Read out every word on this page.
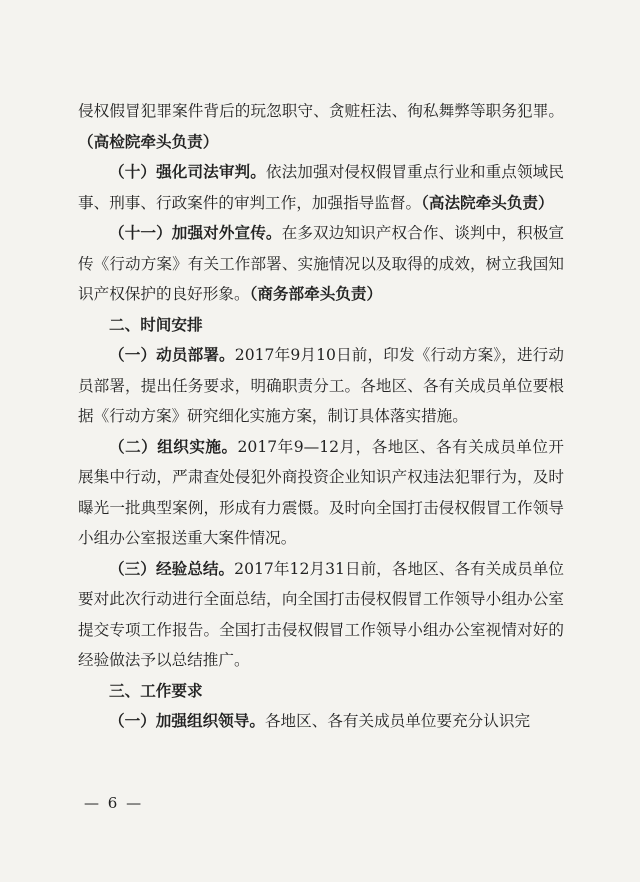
侵权假冒犯罪案件背后的玩忽职守、贪赃枉法、徇私舞弊等职务犯罪。（高检院牵头负责）

（十）强化司法审判。依法加强对侵权假冒重点行业和重点领域民事、刑事、行政案件的审判工作，加强指导监督。（高法院牵头负责）

（十一）加强对外宣传。在多双边知识产权合作、谈判中，积极宣传《行动方案》有关工作部署、实施情况以及取得的成效，树立我国知识产权保护的良好形象。（商务部牵头负责）

二、时间安排

（一）动员部署。2017年9月10日前，印发《行动方案》，进行动员部署，提出任务要求，明确职责分工。各地区、各有关成员单位要根据《行动方案》研究细化实施方案，制订具体落实措施。

（二）组织实施。2017年9—12月，各地区、各有关成员单位开展集中行动，严肃查处侵犯外商投资企业知识产权违法犯罪行为，及时曝光一批典型案例，形成有力震慑。及时向全国打击侵权假冒工作领导小组办公室报送重大案件情况。

（三）经验总结。2017年12月31日前，各地区、各有关成员单位要对此次行动进行全面总结，向全国打击侵权假冒工作领导小组办公室提交专项工作报告。全国打击侵权假冒工作领导小组办公室视情对好的经验做法予以总结推广。

三、工作要求

（一）加强组织领导。各地区、各有关成员单位要充分认识完

— 6 —
